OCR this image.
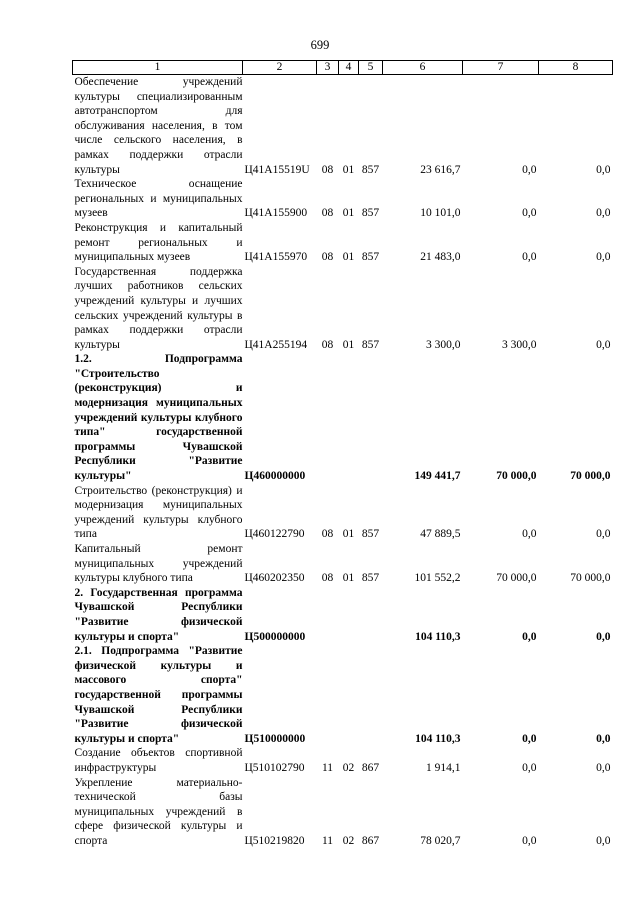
699
1	2	3	4	5	6	7	8
Обеспечение учреждений культуры специализированным автотранспортом для обслуживания населения, в том числе сельского населения, в рамках поддержки отрасли культуры	Ц41А15519U	08	01	857	23 616,7	0,0	0,0
Техническое оснащение региональных и муниципальных музеев	Ц41А155900	08	01	857	10 101,0	0,0	0,0
Реконструкция и капитальный ремонт региональных и муниципальных музеев	Ц41А155970	08	01	857	21 483,0	0,0	0,0
Государственная поддержка лучших работников сельских учреждений культуры и лучших сельских учреждений культуры в рамках поддержки отрасли культуры	Ц41А255194	08	01	857	3 300,0	3 300,0	0,0
1.2. Подпрограмма "Строительство (реконструкция) и модернизация муниципальных учреждений культуры клубного типа" государственной программы Чувашской Республики "Развитие культуры"	Ц460000000				149 441,7	70 000,0	70 000,0
Строительство (реконструкция) и модернизация муниципальных учреждений культуры клубного типа	Ц460122790	08	01	857	47 889,5	0,0	0,0
Капитальный ремонт муниципальных учреждений культуры клубного типа	Ц460202350	08	01	857	101 552,2	70 000,0	70 000,0
2. Государственная программа Чувашской Республики "Развитие физической культуры и спорта"	Ц500000000				104 110,3	0,0	0,0
2.1. Подпрограмма "Развитие физической культуры и массового спорта" государственной программы Чувашской Республики "Развитие физической культуры и спорта"	Ц510000000				104 110,3	0,0	0,0
Создание объектов спортивной инфраструктуры	Ц510102790	11	02	867	1 914,1	0,0	0,0
Укрепление материально-технической базы муниципальных учреждений в сфере физической культуры и спорта	Ц510219820	11	02	867	78 020,7	0,0	0,0
